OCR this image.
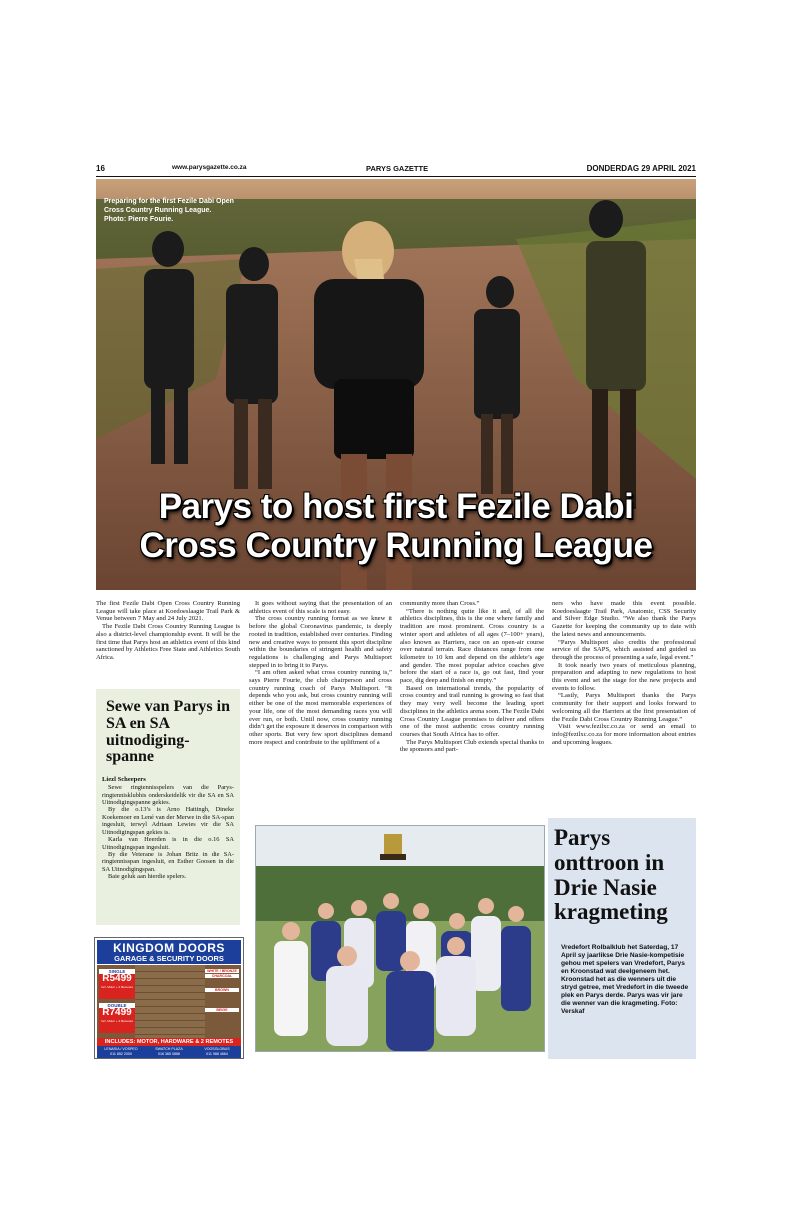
16	www.parysgazette.co.za	PARYS GAZETTE	DONDERDAG 29 APRIL 2021
Preparing for the first Fezile Dabi Open Cross Country Running League. Photo: Pierre Fourie.
Parys to host first Fezile Dabi
Cross Country Running League

The first Fezile Dabi Open Cross Country Running League will take place at Koedoeslaagte Trail Park & Venue between 7 May and 24 July 2021.

The Fezile Dabi Cross Country Running League is also a district-level championship event. It will be the first time that Parys host an athletics event of this kind sanctioned by Athletics Free State and Athletics South Africa.

It goes without saying that the presentation of an athletics event of this scale is not easy.

The cross country running format as we knew it before the global Coronavirus pandemic, is deeply rooted in tradition, established over centuries. Finding new and creative ways to present this sport discipline within the boundaries of stringent health and safety regulations is challenging and Parys Multisport stepped in to bring it to Parys.

“I am often asked what cross country running is,” says Pierre Fourie, the club chairperson and cross country running coach of Parys Multisport. “It depends who you ask, but cross country running will either be one of the most memorable experiences of your life, one of the most demanding races you will ever run, or both. Until now, cross country running didn’t get the exposure it deserves in comparison with other sports. But very few sport disciplines demand more respect and contribute to the upliftment of a

community more than Cross.”

“There is nothing quite like it and, of all the athletics disciplines, this is the one where family and tradition are most prominent. Cross country is a winter sport and athletes of all ages (7–100+ years), also known as Harriers, race on an open-air course over natural terrain. Race distances range from one kilometre to 10 km and depend on the athlete’s age and gender. The most popular advice coaches give before the start of a race is, go out fast, find your pace, dig deep and finish on empty.”

Based on international trends, the popularity of cross country and trail running is growing so fast that they may very well become the leading sport disciplines in the athletics arena soon. The Fezile Dabi Cross Country League promises to deliver and offers one of the most authentic cross country running courses that South Africa has to offer.

The Parys Multisport Club extends special thanks to the sponsors and part-

ners who have made this event possible. Koedoeslaagte Trail Park, Anatomic, CSS Security and Silver Edge Studio. “We also thank the Parys Gazette for keeping the community up to date with the latest news and announcements.

“Parys Multisport also credits the professional service of the SAPS, which assisted and guided us through the process of presenting a safe, legal event.”

It took nearly two years of meticulous planning, preparation and adapting to new regulations to host this event and set the stage for the new projects and events to follow.

“Lastly, Parys Multisport thanks the Parys community for their support and looks forward to welcoming all the Harriers at the first presentation of the Fezile Dabi Cross Country Running League.”

Visit www.fezilxc.co.za or send an email to info@fezilxc.co.za for more information about entries and upcoming leagues.

Sewe van Parys in SA en SA uitnodiging-spanne
Liezl Scheepers

Sewe ringtennisspelers van die Parys-ringtennisklubhis onderskeidelik vir die SA en SA Uitnodigingspanne gekies.

By die o.13’s is Arno Hattingh, Dineke Koekemoer en Lené van der Merwe in die SA-span ingesluit, terwyl Adriaan Lewies vir die SA Uitnodigingspan gekies is.

Karla van Heerden is in die o.16 SA Uitnodigingspan ingesluit.

By die Veterane is Johan Britz in die SA-ringtennisspan ingesluit, en Esther Goosen in die SA Uitnodigingspan.

Baie geluk aan hierdie spelers.

KINGDOM DOORS
GARAGE & SECURITY DOORS
SINGLE
R5499
Incl. Motor + 2 Remotes
DOUBLE
R7499
Incl. Motor + 2 Remotes
WHITE / BRONZE
CHARCOAL
BROWN
BEIGE
INCLUDES: MOTOR, HARDWARE & 2 REMOTES
LENASIA / VOSPEO
011 852 2000
SWATCH PLAZA
016 365 0886
VOOSGLOBUS
011 988 4664
Parys onttroon in Drie Nasie kragmeting
Vredefort Rolbalklub het Saterdag, 17 April sy jaarlikse Drie Nasie-kompetisie gehou met spelers van Vredefort, Parys en Kroonstad wat deelgeneem het. Kroonstad het as die wenners uit die stryd getree, met Vredefort in die tweede plek en Parys derde. Parys was vir jare die wenner van die kragmeting. Foto: Verskaf
